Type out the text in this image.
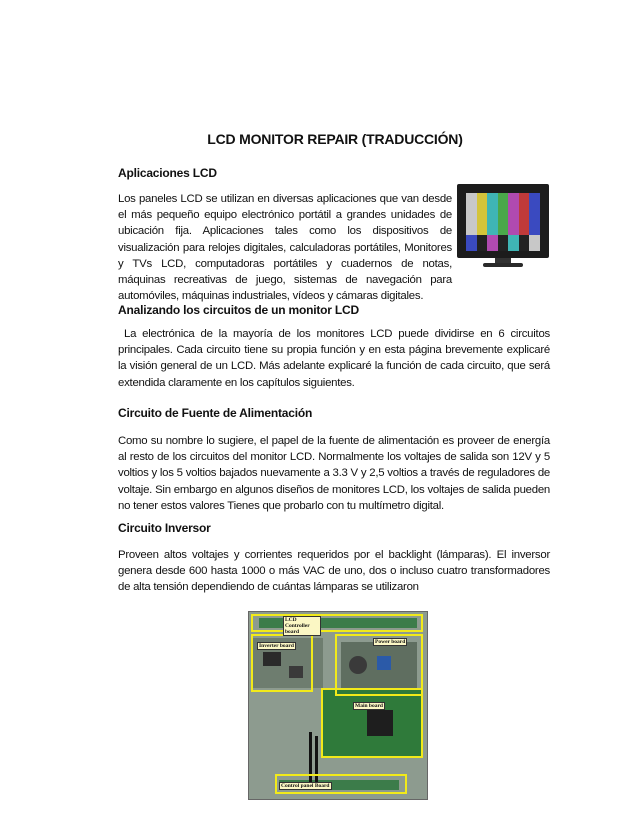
LCD MONITOR REPAIR (TRADUCCIÓN)
Aplicaciones LCD

Los paneles LCD se utilizan en diversas aplicaciones que van desde el más pequeño equipo electrónico portátil a grandes unidades de ubicación fija. Aplicaciones tales como los dispositivos de visualización para relojes digitales, calculadoras portátiles, Monitores y TVs LCD, computadoras portátiles y cuadernos de notas, máquinas recreativas de juego, sistemas de navegación para automóviles, máquinas industriales, vídeos y cámaras digitales.

Analizando los circuitos de un monitor LCD

La electrónica de la mayoría de los monitores LCD puede dividirse en 6 circuitos principales. Cada circuito tiene su propia función y en esta página brevemente explicaré la visión general de un LCD. Más adelante explicaré la función de cada circuito, que será extendida claramente en los capítulos siguientes.

Circuito de Fuente de Alimentación

Como su nombre lo sugiere, el papel de la fuente de alimentación es proveer de energía al resto de los circuitos del monitor LCD. Normalmente los voltajes de salida son 12V y 5 voltios y los 5 voltios bajados nuevamente a 3.3 V y 2,5 voltios a través de reguladores de voltaje. Sin embargo en algunos diseños de monitores LCD, los voltajes de salida pueden no tener estos valores Tienes que probarlo con tu multímetro digital.

Circuito Inversor

Proveen altos voltajes y corrientes requeridos por el backlight (lámparas). El inversor genera desde 600 hasta 1000 o más VAC de uno, dos o incluso cuatro transformadores de alta tensión dependiendo de cuántas lámparas se utilizaron

LCD Controller board
Inverter board
Power board
Main board
Control panel Board
